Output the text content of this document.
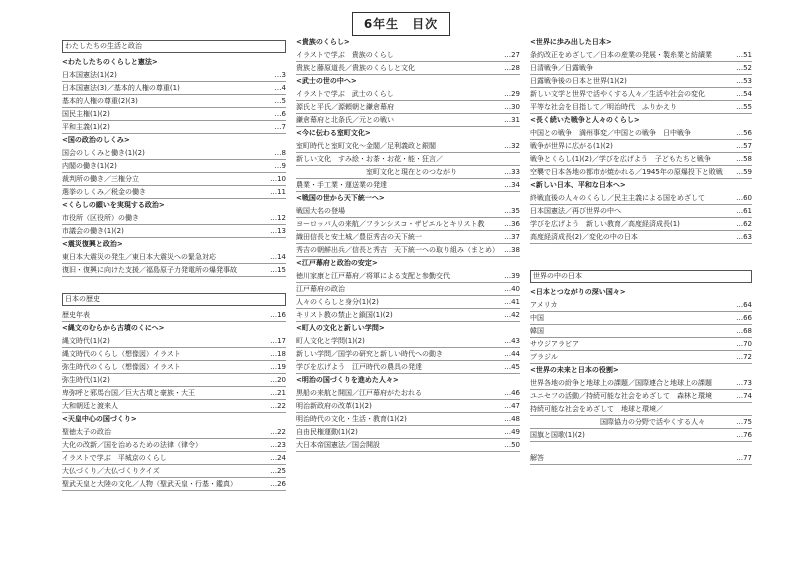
6年生　目次
わたしたちの生活と政治
<わたしたちのくらしと憲法>
日本国憲法(1)(2)	…3
日本国憲法(3)／基本的人権の尊重(1)	…4
基本的人権の尊重(2)(3)	…5
国民主権(1)(2)	…6
平和主義(1)(2)	…7
<国の政治のしくみ>
国会のしくみと働き(1)(2)	…8
内閣の働き(1)(2)	…9
裁判所の働き／三権分立	…10
選挙のしくみ／税金の働き	…11
<くらしの願いを実現する政治>
市役所（区役所）の働き	…12
市議会の働き(1)(2)	…13
<震災復興と政治>
東日本大震災の発生／東日本大震災への緊急対応	…14
復旧・復興に向けた支援／福島原子力発電所の爆発事故	…15
日本の歴史
歴史年表	…16
<縄文のむらから古墳のくにへ>
縄文時代(1)(2)	…17
縄文時代のくらし（想像図）イラスト	…18
弥生時代のくらし（想像図）イラスト	…19
弥生時代(1)(2)	…20
卑弥呼と邪馬台国／巨大古墳と豪族・大王	…21
大和朝廷と渡来人	…22
<天皇中心の国づくり>
聖徳太子の政治	…22
大化の改新／国を治めるための法律（律令）	…23
イラストで学ぶ　平城京のくらし	…24
大仏づくり／大仏づくりクイズ	…25
聖武天皇と大陸の文化／人物（聖武天皇・行基・鑑真）	…26
<貴族のくらし>
イラストで学ぶ　貴族のくらし	…27
貴族と藤原道長／貴族のくらしと文化	…28
<武士の世の中へ>
イラストで学ぶ　武士のくらし	…29
源氏と平氏／源頼朝と鎌倉幕府	…30
鎌倉幕府と北条氏／元との戦い	…31
<今に伝わる室町文化>
室町時代と室町文化～金閣／足利義政と銀閣	…32
新しい文化　すみ絵・お茶・お花・能・狂言／
室町文化と現在とのつながり	…33
農業・手工業・運送業の発達	…34
<戦国の世から天下統一へ>
戦国大名の登場	…35
ヨーロッパ人の来航／フランシスコ・ザビエルとキリスト教	…36
織田信長と安土城／豊臣秀吉の天下統一	…37
秀吉の朝鮮出兵／信長と秀吉　天下統一への取り組み（まとめ） …38
<江戸幕府と政治の安定>
徳川家康と江戸幕府／将軍による支配と参勤交代	…39
江戸幕府の政治	…40
人々のくらしと身分(1)(2)	…41
キリスト教の禁止と鎖国(1)(2)	…42
<町人の文化と新しい学問>
町人文化と学問(1)(2)	…43
新しい学問／国学の研究と新しい時代への動き	…44
学びを広げよう　江戸時代の農具の発達	…45
<明治の国づくりを進めた人々>
黒船の来航と開国／江戸幕府がたおれる	…46
明治新政府の改革(1)(2)	…47
明治時代の文化・生活・教育(1)(2)	…48
自由民権運動(1)(2)	…49
大日本帝国憲法／国会開設	…50
<世界に歩み出した日本>
条約改正をめざして／日本の産業の発展・製糸業と紡績業	…51
日清戦争／日露戦争	…52
日露戦争後の日本と世界(1)(2)	…53
新しい文学と世界で活やくする人々／生活や社会の変化	…54
平等な社会を目指して／明治時代　ふりかえり	…55
<長く続いた戦争と人々のくらし>
中国との戦争　満州事変／中国との戦争　日中戦争	…56
戦争が世界に広がる(1)(2)	…57
戦争とくらし(1)(2)／学びを広げよう　子どもたちと戦争	…58
空襲で日本各地の都市が焼かれる／1945年の原爆投下と敗戦	…59
<新しい日本、平和な日本へ>
終戦直後の人々のくらし／民主主義による国をめざして	…60
日本国憲法／再び世界の中へ	…61
学びを広げよう　新しい教育／高度経済成長(1)	…62
高度経済成長(2)／変化の中の日本	…63
世界の中の日本
<日本とつながりの深い国々>
アメリカ	…64
中国	…66
韓国	…68
サウジアラビア	…70
ブラジル	…72
<世界の未来と日本の役割>
世界各地の紛争と地球上の課題／国際連合と地球上の課題	…73
ユニセフの活動／持続可能な社会をめざして　森林と環境	…74
持続可能な社会をめざして　地球と環境／
国際協力の分野で活やくする人々	…75
国旗と国歌(1)(2)	…76
解答	…77
